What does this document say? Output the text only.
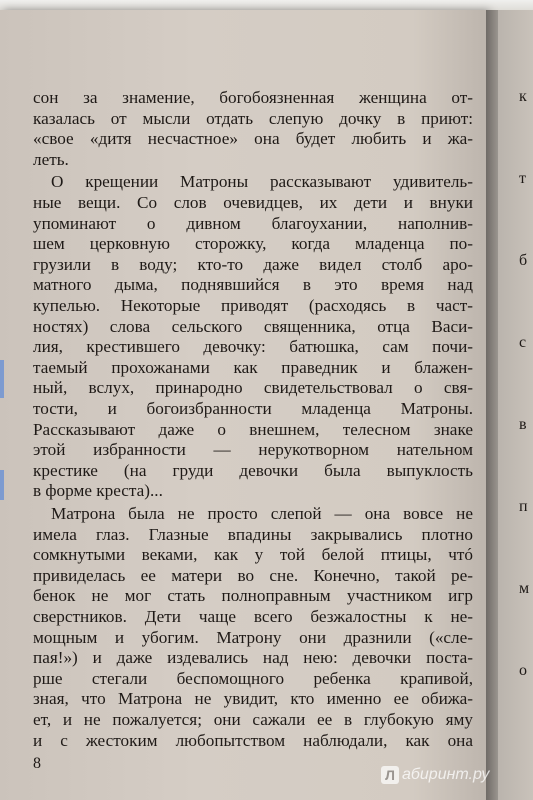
сон за знамение, богобоязненная женщина от-
казалась от мысли отдать слепую дочку в приют:
«свое «дитя несчастное» она будет любить и жа-
леть.
О крещении Матроны рассказывают удивитель-
ные вещи. Со слов очевидцев, их дети и внуки
упоминают о дивном благоухании, наполнив-
шем церковную сторожку, когда младенца по-
грузили в воду; кто-то даже видел столб аро-
матного дыма, поднявшийся в это время над
купелью. Некоторые приводят (расходясь в част-
ностях) слова сельского священника, отца Васи-
лия, крестившего девочку: батюшка, сам почи-
таемый прохожанами как праведник и блажен-
ный, вслух, принародно свидетельствовал о свя-
тости, и богоизбранности младенца Матроны.
Рассказывают даже о внешнем, телесном знаке
этой избранности — нерукотворном нательном
крестике (на груди девочки была выпуклость
в форме креста)...
Матрона была не просто слепой — она вовсе не
имела глаз. Глазные впадины закрывались плотно
сомкнутыми веками, как у той белой птицы, чтó
привиделась ее матери во сне. Конечно, такой ре-
бенок не мог стать полноправным участником игр
сверстников. Дети чаще всего безжалостны к не-
мощным и убогим. Матрону они дразнили («сле-
пая!») и даже издевались над нею: девочки поста-
рше стегали беспомощного ребенка крапивой,
зная, что Матрона не увидит, кто именно ее обижа-
ет, и не пожалуется; они сажали ее в глубокую яму
и с жестоким любопытством наблюдали, как она
8
к
т
б
с
в
п
м
о
Л абиринт.ру
